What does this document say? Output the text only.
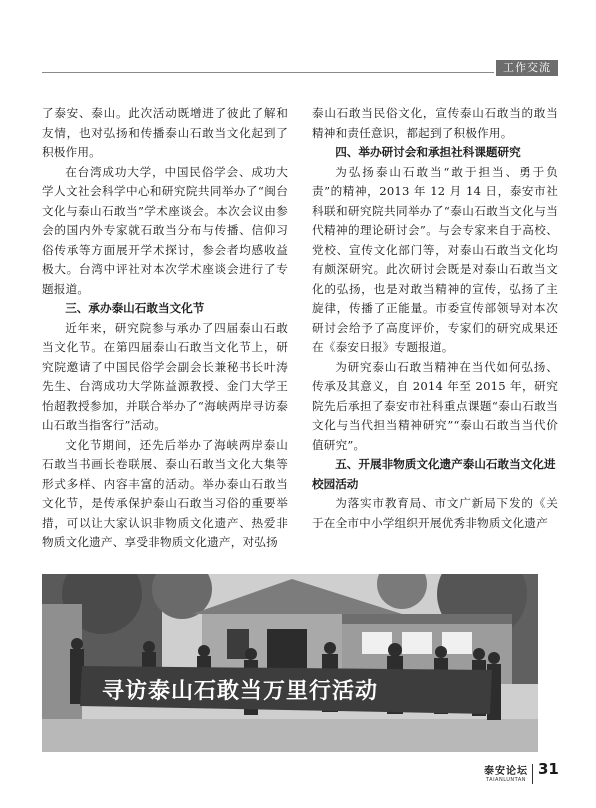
工作交流

了泰安、泰山。此次活动既增进了彼此了解和友情，也对弘扬和传播泰山石敢当文化起到了积极作用。

在台湾成功大学，中国民俗学会、成功大学人文社会科学中心和研究院共同举办了“闽台文化与泰山石敢当”学术座谈会。本次会议由参会的国内外专家就石敢当分布与传播、信仰习俗传承等方面展开学术探讨，参会者均感收益极大。台湾中评社对本次学术座谈会进行了专题报道。

三、承办泰山石敢当文化节

近年来，研究院参与承办了四届泰山石敢当文化节。在第四届泰山石敢当文化节上，研究院邀请了中国民俗学会副会长兼秘书长叶涛先生、台湾成功大学陈益源教授、金门大学王怡超教授参加，并联合举办了“海峡两岸寻访泰山石敢当指客行”活动。

文化节期间，还先后举办了海峡两岸泰山石敢当书画长卷联展、泰山石敢当文化大集等形式多样、内容丰富的活动。举办泰山石敢当文化节，是传承保护泰山石敢当习俗的重要举措，可以让大家认识非物质文化遗产、热爱非物质文化遗产、享受非物质文化遗产，对弘扬

泰山石敢当民俗文化，宣传泰山石敢当的敢当精神和责任意识，都起到了积极作用。

四、举办研讨会和承担社科课题研究

为弘扬泰山石敢当“敢于担当、勇于负责”的精神，2013 年 12 月 14 日，泰安市社科联和研究院共同举办了“泰山石敢当文化与当代精神的理论研讨会”。与会专家来自于高校、党校、宣传文化部门等，对泰山石敢当文化均有颇深研究。此次研讨会既是对泰山石敢当文化的弘扬，也是对敢当精神的宣传，弘扬了主旋律，传播了正能量。市委宣传部领导对本次研讨会给予了高度评价，专家们的研究成果还在《泰安日报》专题报道。

为研究泰山石敢当精神在当代如何弘扬、传承及其意义，自 2014 年至 2015 年，研究院先后承担了泰安市社科重点课题“泰山石敢当文化与当代担当精神研究”“泰山石敢当当代价值研究”。

五、开展非物质文化遗产泰山石敢当文化进校园活动

为落实市教育局、市文广新局下发的《关于在全市中小学组织开展优秀非物质文化遗产

寻访泰山石敢当万里行活动
泰安论坛
TAIANLUNTAN
31
